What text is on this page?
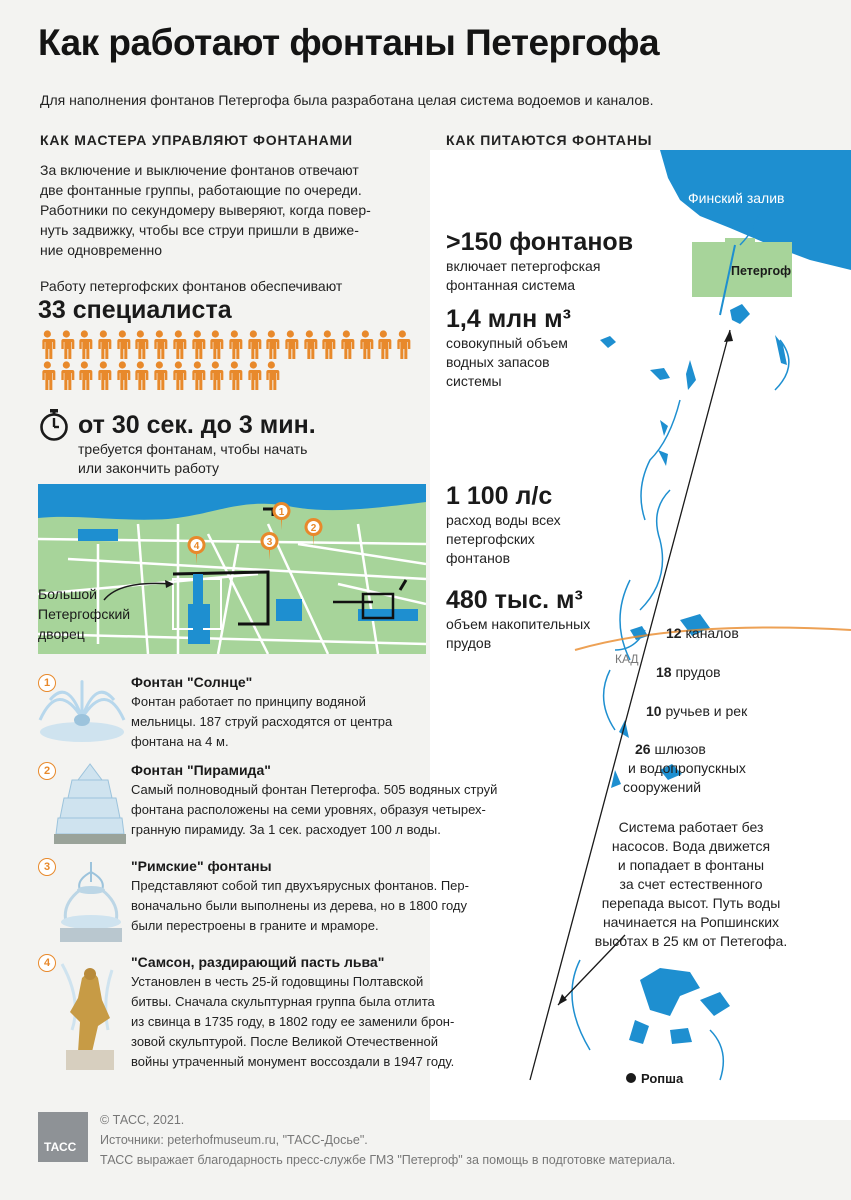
Как работают фонтаны Петергофа
Для наполнения фонтанов Петергофа была разработана целая система водоемов и каналов.
Финский залив
Петергоф
КАД
Ропша
КАК ПИТАЮТСЯ ФОНТАНЫ
>150 фонтанов
включает петергофская
фонтанная система
1,4 млн м³
совокупный объем
водных запасов
системы
1 100 л/с
расход воды всех
петергофских
фонтанов
480 тыс. м³
объем накопительных
прудов
12 каналов
18 прудов
10 ручьев и рек
26 шлюзов
и водопропускных
сооружений
Система работает без
насосов. Вода движется
и попадает в фонтаны
за счет естественного
перепада высот. Путь воды
начинается на Ропшинских
высотах в 25 км от Петегофа.
КАК МАСТЕРА УПРАВЛЯЮТ ФОНТАНАМИ
За включение и выключение фонтанов отвечают
две фонтанные группы, работающие по очереди.
Работники по секундомеру выверяют, когда повер-
нуть задвижку, чтобы все струи пришли в движе-
ние одновременно
Работу петергофских фонтанов обеспечивают
33 специалиста
от 30 сек. до 3 мин.
требуется фонтанам, чтобы начать
или закончить работу
1
2
3
4
Большой
Петергофский
дворец
1	Фонтан "Солнце"
Фонтан работает по принципу водяной
мельницы. 187 струй расходятся от центра
фонтана на 4 м.
2	Фонтан "Пирамида"
Самый полноводный фонтан Петергофа. 505 водяных струй
фонтана расположены на семи уровнях, образуя четырех-
гранную пирамиду. За 1 сек. расходует 100 л воды.
3	"Римские" фонтаны
Представляют собой тип двухъярусных фонтанов. Пер-
воначально были выполнены из дерева, но в 1800 году
были перестроены в граните и мраморе.
4	"Самсон, раздирающий пасть льва"
Установлен в честь 25-й годовщины Полтавской
битвы. Сначала скульптурная группа была отлита
из свинца в 1735 году, в 1802 году ее заменили брон-
зовой скульптурой. После Великой Отечественной
войны утраченный монумент воссоздали в 1947 году.
ТАСС
© ТАСС, 2021.
Источники: peterhofmuseum.ru, "ТАСС-Досье".
ТАСС выражает благодарность пресс-службе ГМЗ "Петергоф" за помощь в подготовке материала.
